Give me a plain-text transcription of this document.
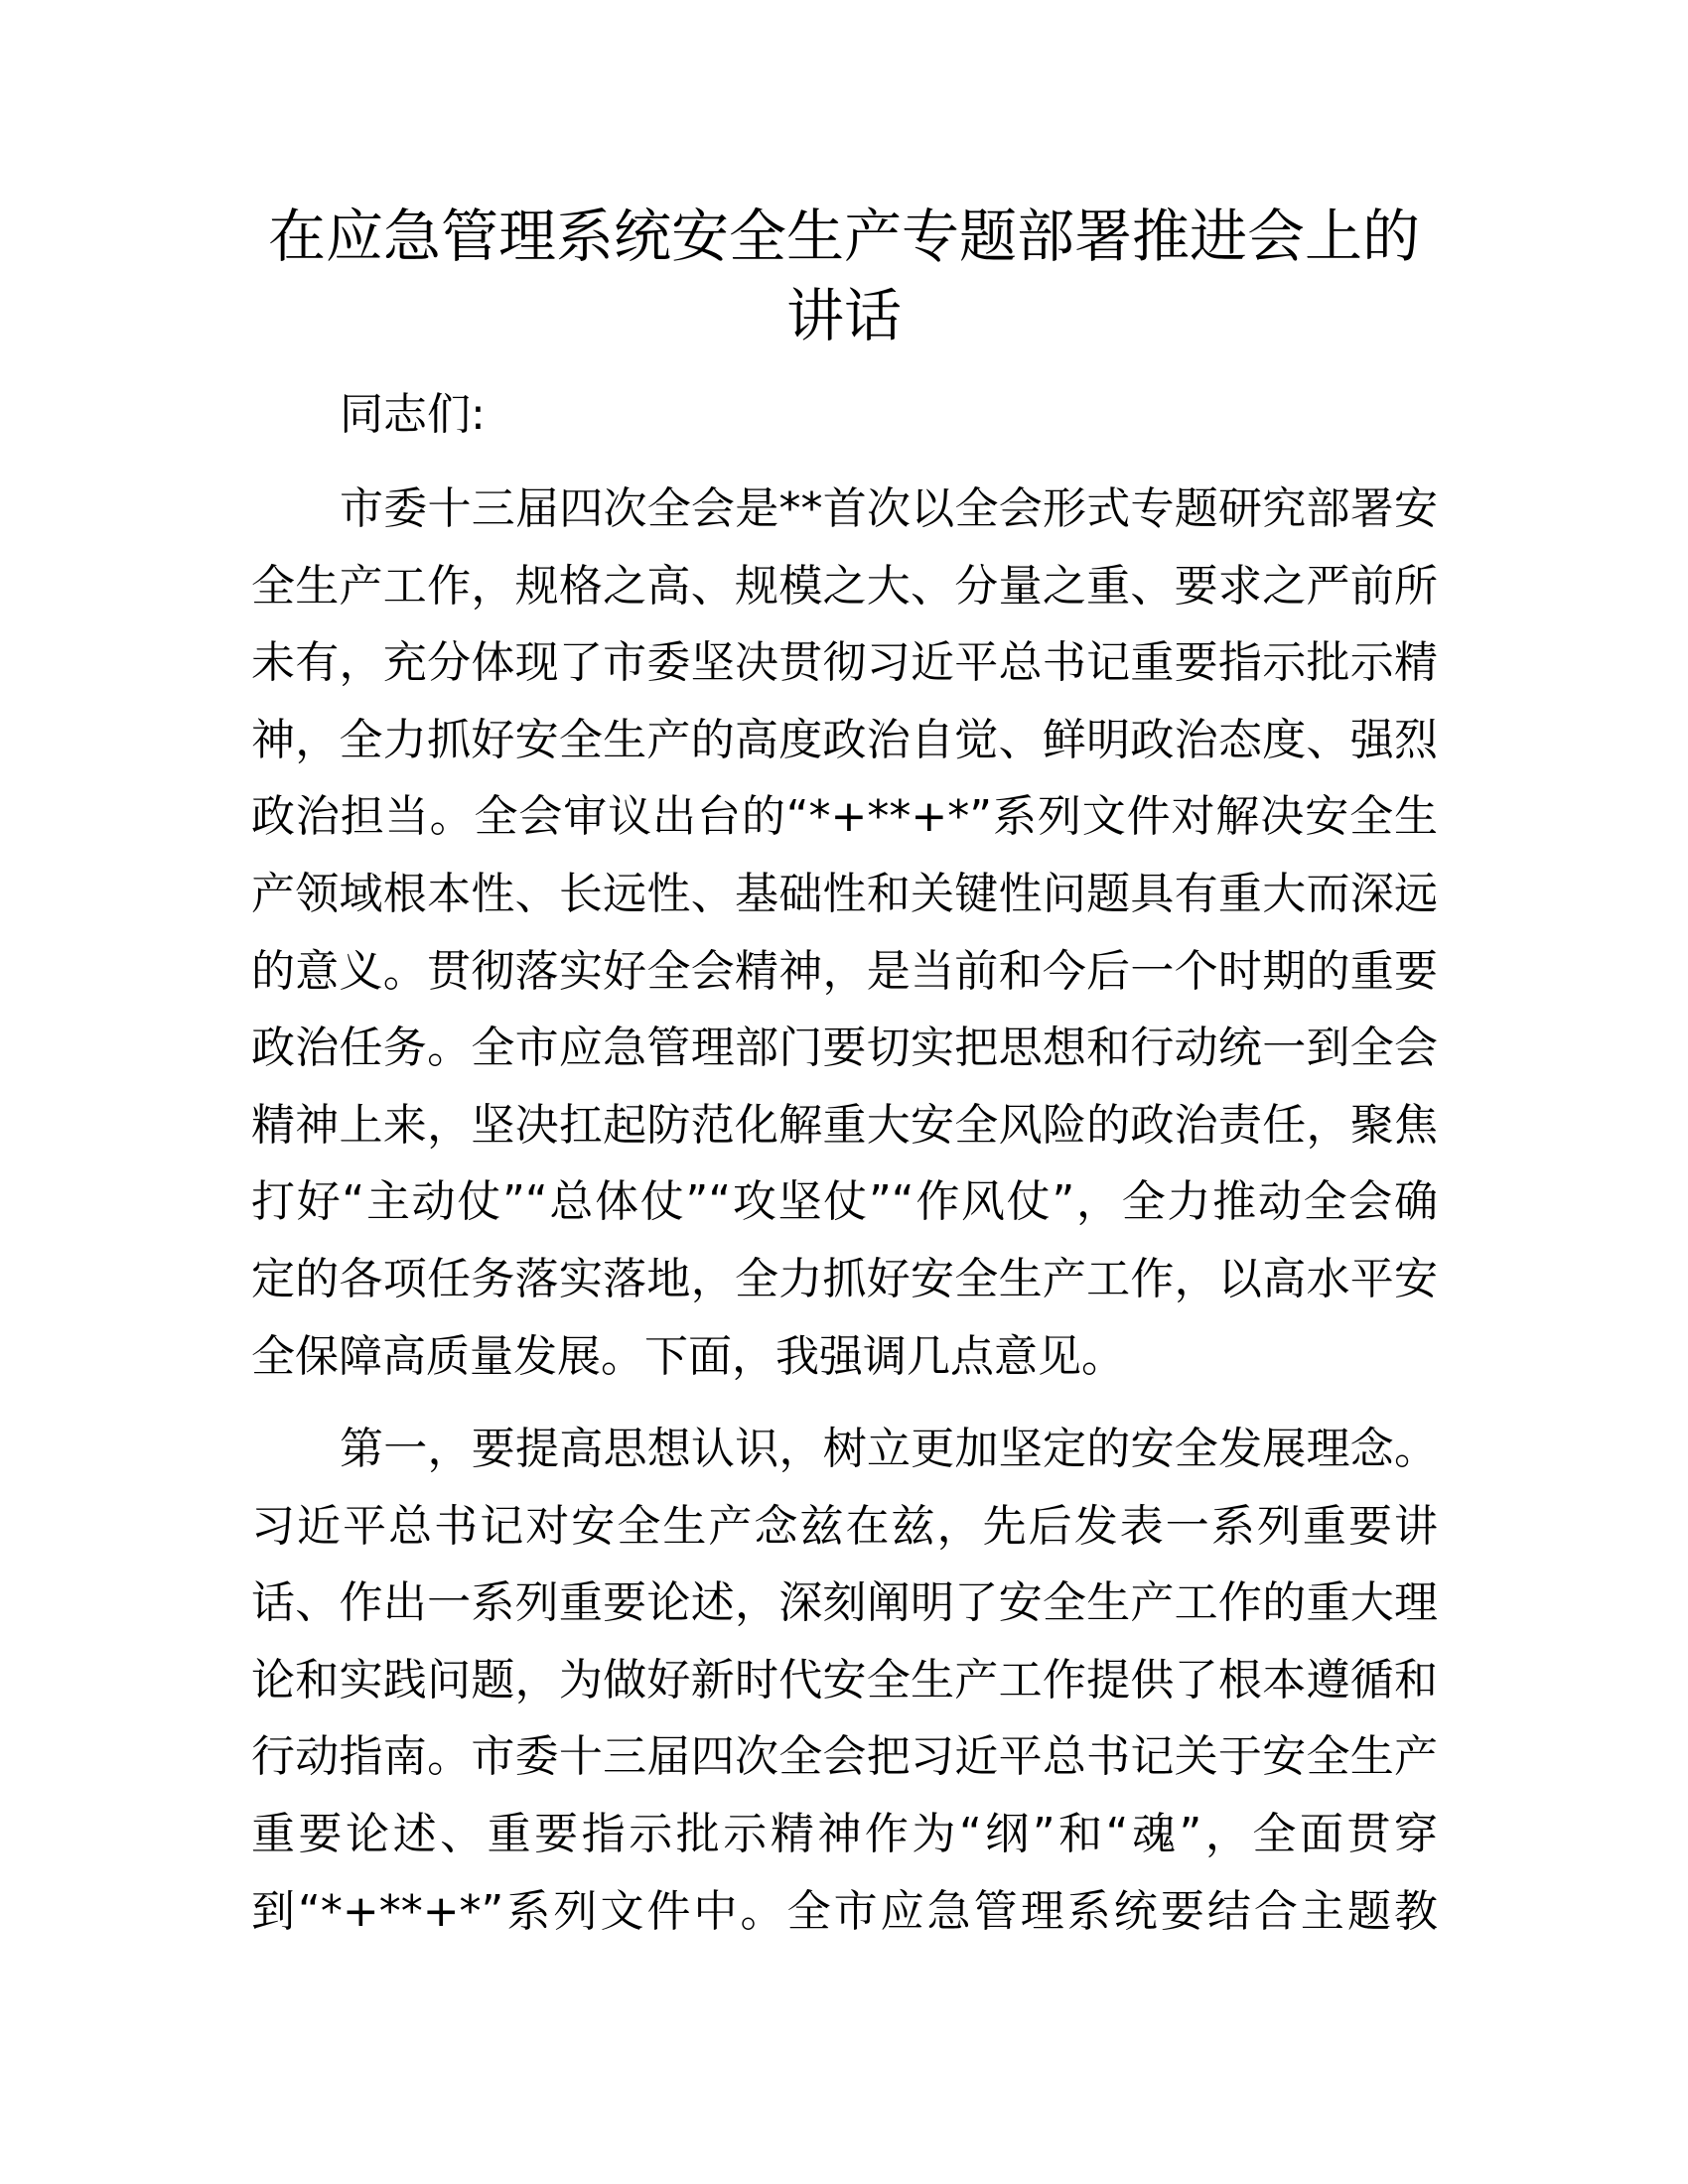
在应急管理系统安全生产专题部署推进会上的
讲话
同志们:
市委十三届四次全会是**首次以全会形式专题研究部署安
全生产工作，规格之高、规模之大、分量之重、要求之严前所
未有，充分体现了市委坚决贯彻习近平总书记重要指示批示精
神，全力抓好安全生产的高度政治自觉、鲜明政治态度、强烈
政治担当。全会审议出台的“*+**+*”系列文件对解决安全生
产领域根本性、长远性、基础性和关键性问题具有重大而深远
的意义。贯彻落实好全会精神，是当前和今后一个时期的重要
政治任务。全市应急管理部门要切实把思想和行动统一到全会
精神上来，坚决扛起防范化解重大安全风险的政治责任，聚焦
打好“主动仗”“总体仗”“攻坚仗”“作风仗”，全力推动全会确
定的各项任务落实落地，全力抓好安全生产工作，以高水平安
全保障高质量发展。下面，我强调几点意见。
第一，要提高思想认识，树立更加坚定的安全发展理念。
习近平总书记对安全生产念兹在兹，先后发表一系列重要讲
话、作出一系列重要论述，深刻阐明了安全生产工作的重大理
论和实践问题，为做好新时代安全生产工作提供了根本遵循和
行动指南。市委十三届四次全会把习近平总书记关于安全生产
重要论述、重要指示批示精神作为“纲”和“魂”，全面贯穿
到“*+**+*”系列文件中。全市应急管理系统要结合主题教
